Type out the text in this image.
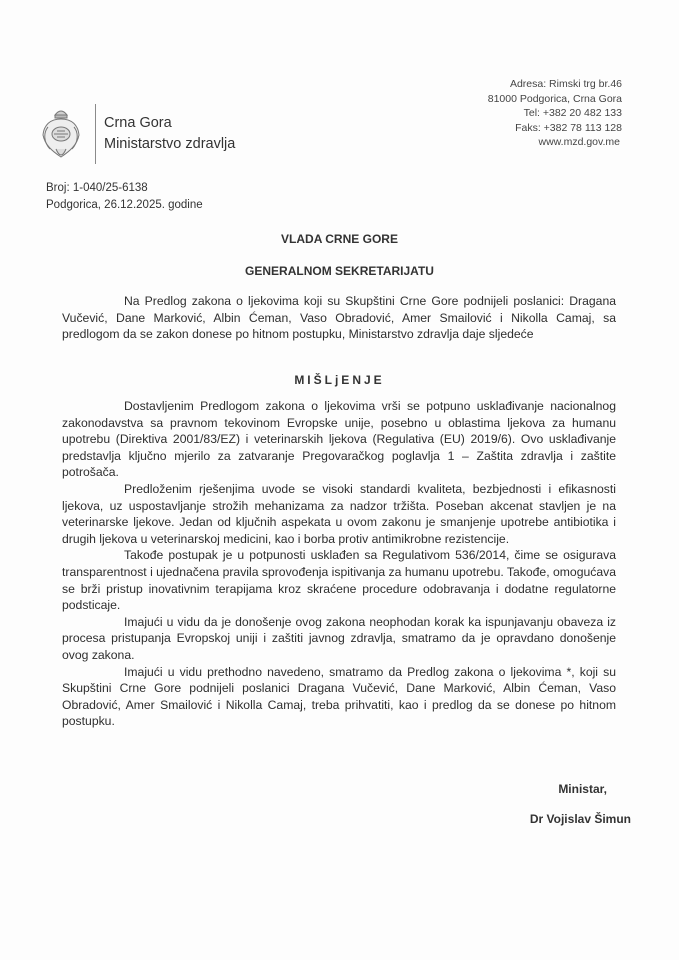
Crna Gora
Ministarstvo zdravlja
Adresa: Rimski trg br.46
81000 Podgorica, Crna Gora
Tel: +382 20 482 133
Faks: +382 78 113 128
www.mzd.gov.me
Broj: 1-040/25-6138
Podgorica, 26.12.2025. godine
VLADA CRNE GORE
GENERALNOM SEKRETARIJATU

Na Predlog zakona o ljekovima koji su Skupštini Crne Gore podnijeli poslanici: Dragana Vučević, Dane Marković, Albin Ćeman, Vaso Obradović, Amer Smailović i Nikolla Camaj, sa predlogom da se zakon donese po hitnom postupku, Ministarstvo zdravlja daje sljedeće

MIŠLjENJE

Dostavljenim Predlogom zakona o ljekovima vrši se potpuno usklađivanje nacionalnog zakonodavstva sa pravnom tekovinom Evropske unije, posebno u oblastima ljekova za humanu upotrebu (Direktiva 2001/83/EZ) i veterinarskih ljekova (Regulativa (EU) 2019/6). Ovo usklađivanje predstavlja ključno mjerilo za zatvaranje Pregovaračkog poglavlja 1 – Zaštita zdravlja i zaštite potrošača.

Predloženim rješenjima uvode se visoki standardi kvaliteta, bezbjednosti i efikasnosti ljekova, uz uspostavljanje strožih mehanizama za nadzor tržišta. Poseban akcenat stavljen je na veterinarske ljekove. Jedan od ključnih aspekata u ovom zakonu je smanjenje upotrebe antibiotika i drugih ljekova u veterinarskoj medicini, kao i borba protiv antimikrobne rezistencije.

Takođe postupak je u potpunosti usklađen sa Regulativom 536/2014, čime se osigurava transparentnost i ujednačena pravila sprovođenja ispitivanja za humanu upotrebu. Takođe, omogućava se brži pristup inovativnim terapijama kroz skraćene procedure odobravanja i dodatne regulatorne podsticaje.

Imajući u vidu da je donošenje ovog zakona neophodan korak ka ispunjavanju obaveza iz procesa pristupanja Evropskoj uniji i zaštiti javnog zdravlja, smatramo da je opravdano donošenje ovog zakona.

Imajući u vidu prethodno navedeno, smatramo da Predlog zakona o ljekovima *, koji su Skupštini Crne Gore podnijeli poslanici Dragana Vučević, Dane Marković, Albin Ćeman, Vaso Obradović, Amer Smailović i Nikolla Camaj, treba prihvatiti, kao i predlog da se donese po hitnom postupku.

Ministar,
Dr Vojislav Šimun
